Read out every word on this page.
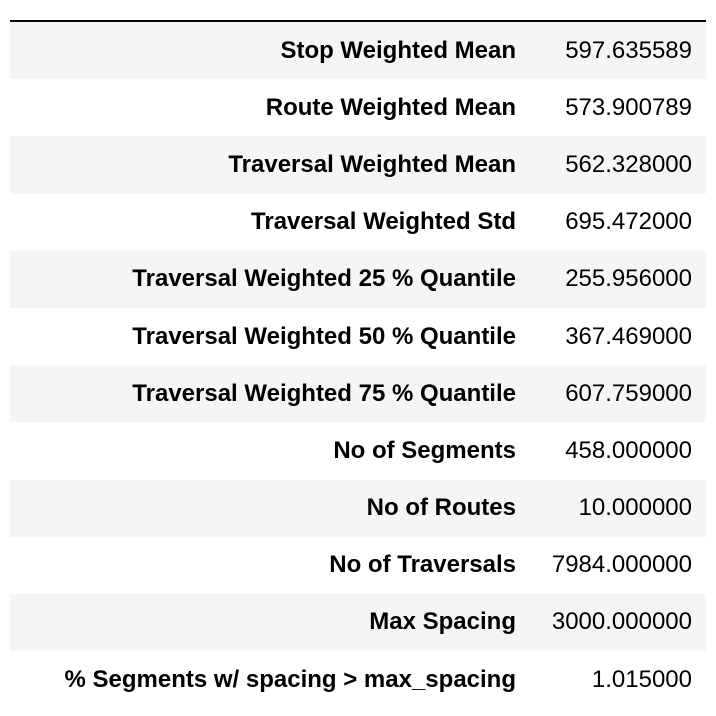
Stop Weighted Mean	597.635589
Route Weighted Mean	573.900789
Traversal Weighted Mean	562.328000
Traversal Weighted Std	695.472000
Traversal Weighted 25 % Quantile	255.956000
Traversal Weighted 50 % Quantile	367.469000
Traversal Weighted 75 % Quantile	607.759000
No of Segments	458.000000
No of Routes	10.000000
No of Traversals	7984.000000
Max Spacing	3000.000000
% Segments w/ spacing > max_spacing	1.015000
